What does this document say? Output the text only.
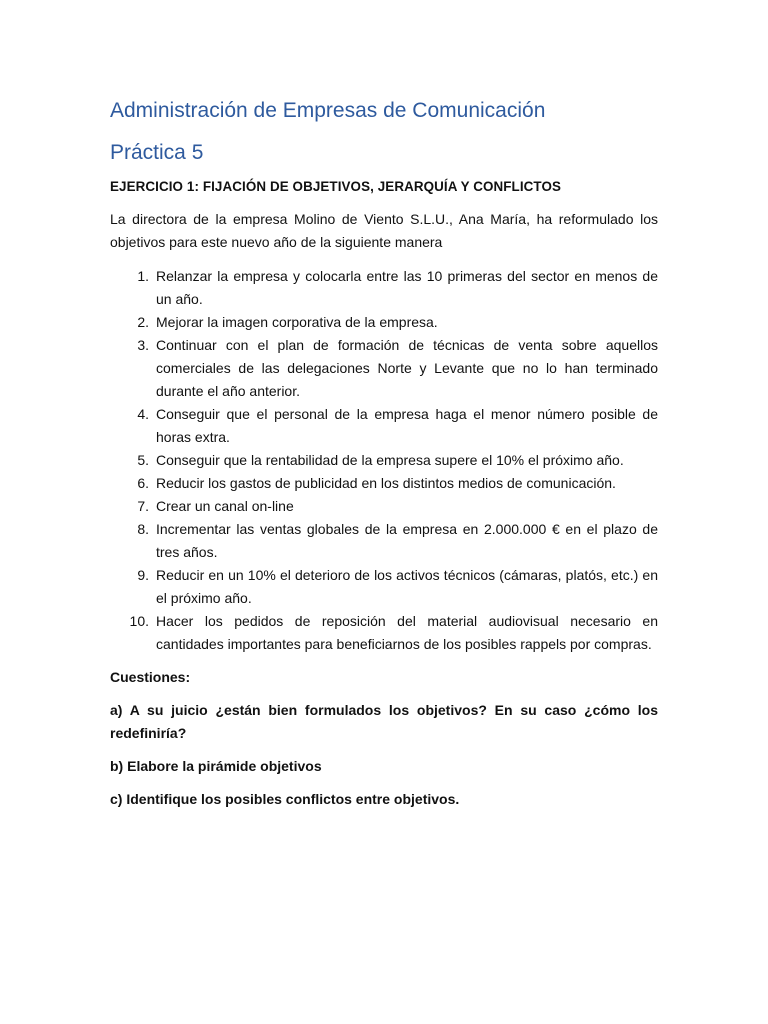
Administración de Empresas de Comunicación
Práctica 5
EJERCICIO 1: FIJACIÓN DE OBJETIVOS, JERARQUÍA Y CONFLICTOS

La directora de la empresa Molino de Viento S.L.U., Ana María, ha reformulado los objetivos para este nuevo año de la siguiente manera

1. Relanzar la empresa y colocarla entre las 10 primeras del sector en menos de un año.
2. Mejorar la imagen corporativa de la empresa.
3. Continuar con el plan de formación de técnicas de venta sobre aquellos comerciales de las delegaciones Norte y Levante que no lo han terminado durante el año anterior.
4. Conseguir que el personal de la empresa haga el menor número posible de horas extra.
5. Conseguir que la rentabilidad de la empresa supere el 10% el próximo año.
6. Reducir los gastos de publicidad en los distintos medios de comunicación.
7. Crear un canal on-line
8. Incrementar las ventas globales de la empresa en 2.000.000 € en el plazo de tres años.
9. Reducir en un 10% el deterioro de los activos técnicos (cámaras, platós, etc.) en el próximo año.
10. Hacer los pedidos de reposición del material audiovisual necesario en cantidades importantes para beneficiarnos de los posibles rappels por compras.

Cuestiones:

a) A su juicio ¿están bien formulados los objetivos? En su caso ¿cómo los redefiniría?

b) Elabore la pirámide objetivos

c) Identifique los posibles conflictos entre objetivos.
